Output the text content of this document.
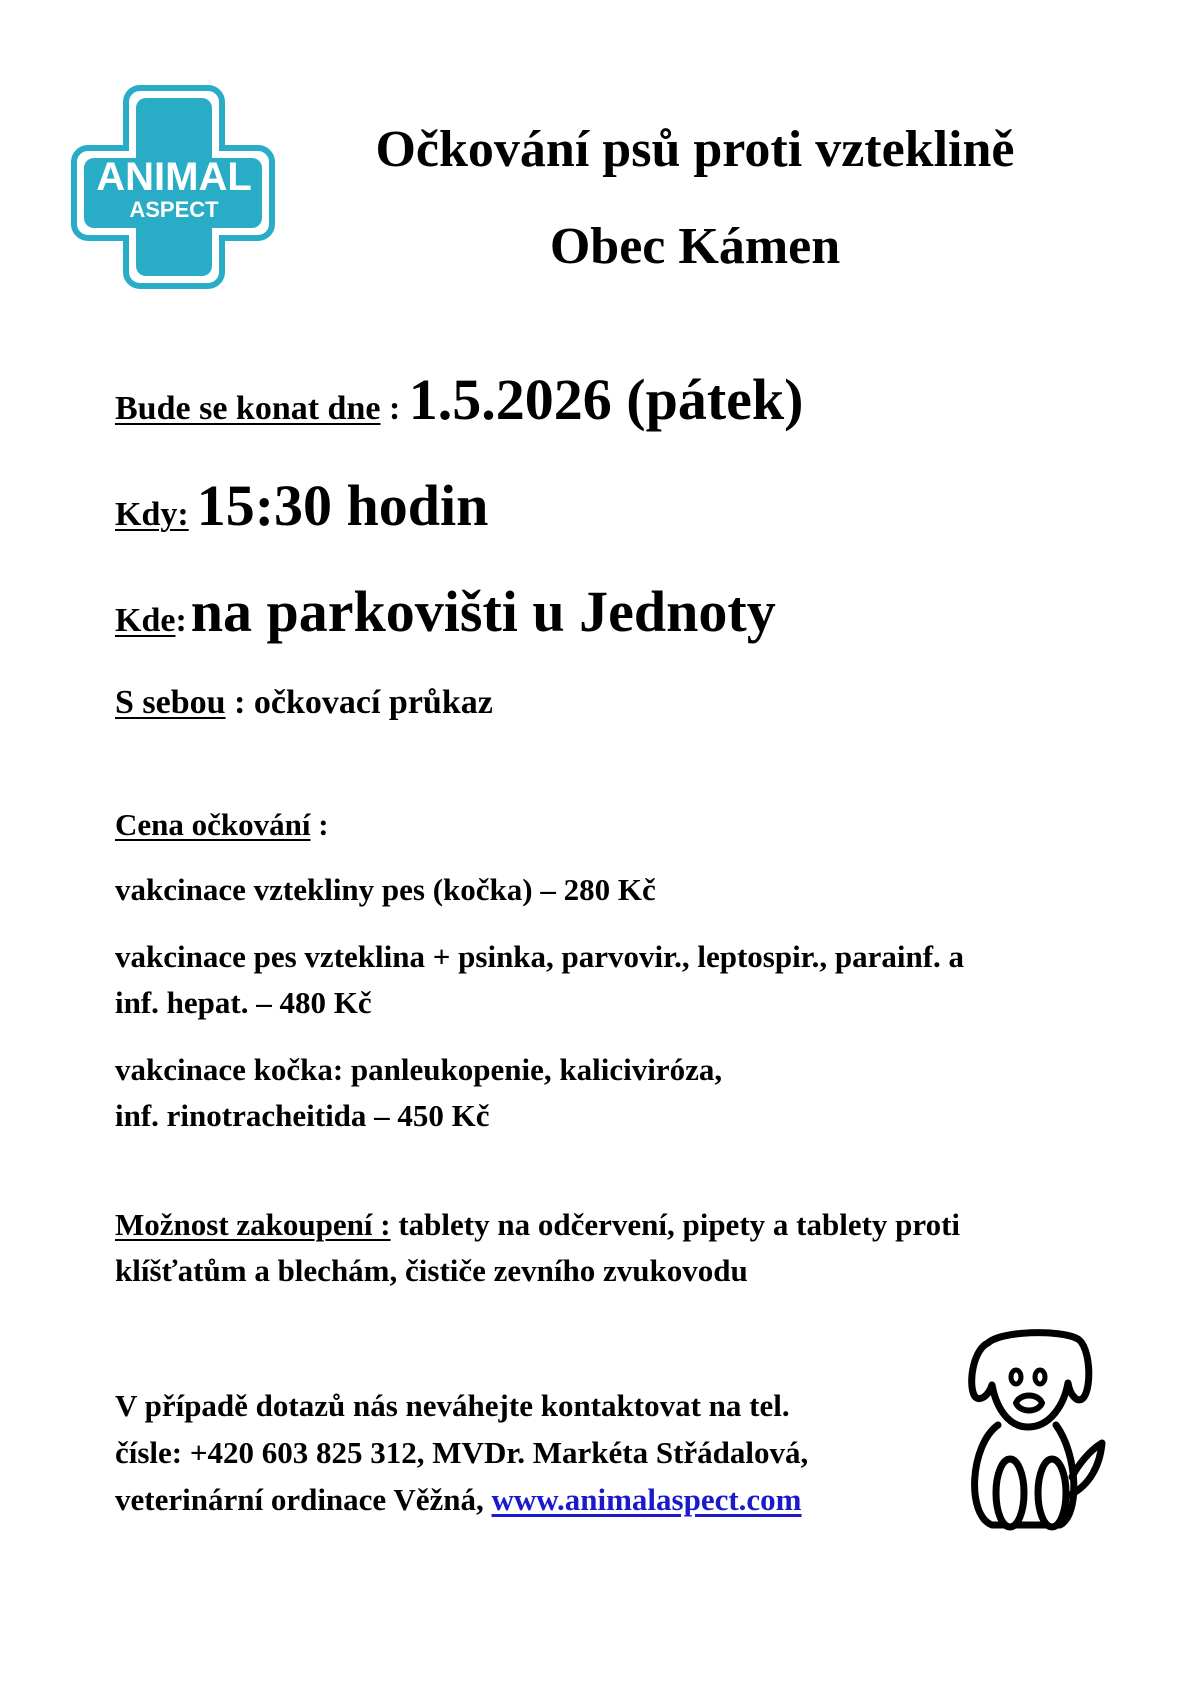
ANIMAL
ASPECT
Očkování psů proti vzteklině
Obec Kámen
Bude se konat dne : 1.5.2026 (pátek)
Kdy: 15:30 hodin
Kde: na parkovišti u Jednoty
S sebou : očkovací průkaz
Cena očkování :
vakcinace vztekliny pes (kočka) – 280 Kč
vakcinace pes vzteklina + psinka, parvovir., leptospir., parainf. a
inf. hepat. – 480 Kč
vakcinace kočka: panleukopenie, kaliciviróza,
inf. rinotracheitida – 450 Kč
Možnost zakoupení : tablety na odčervení, pipety a tablety proti
klíšťatům a blechám, čističe zevního zvukovodu
V případě dotazů nás neváhejte kontaktovat na tel.
čísle: +420 603 825 312, MVDr. Markéta Střádalová,
veterinární ordinace Věžná, www.animalaspect.com
